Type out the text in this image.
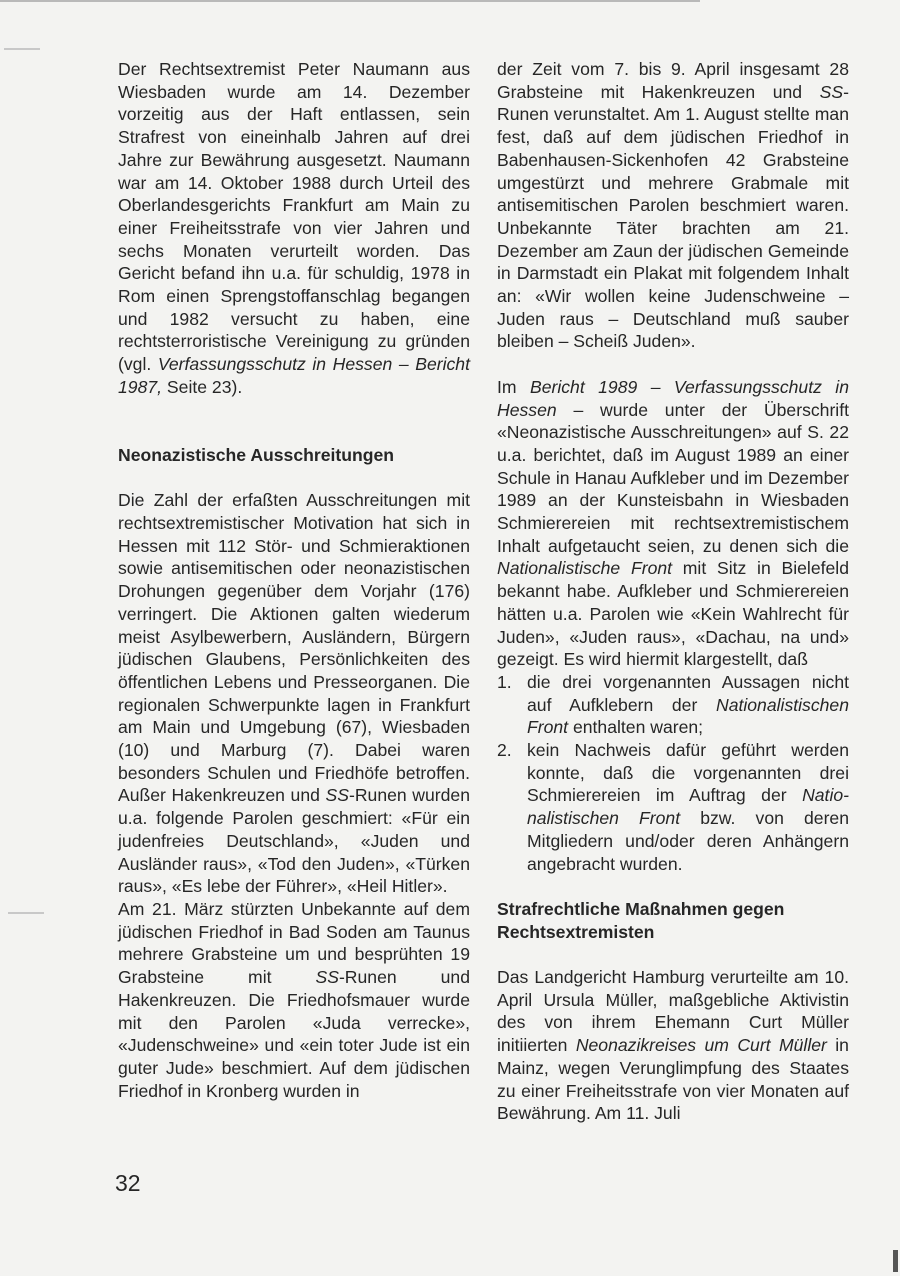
Der Rechtsextremist Peter Naumann aus Wiesbaden wurde am 14. Dezember vorzeitig aus der Haft entlassen, sein Strafrest von eineinhalb Jahren auf drei Jahre zur Bewährung ausgesetzt. Naumann war am 14. Oktober 1988 durch Urteil des Oberlandesgerichts Frankfurt am Main zu einer Freiheitsstrafe von vier Jahren und sechs Monaten verurteilt worden. Das Gericht befand ihn u.a. für schuldig, 1978 in Rom einen Sprengstoffanschlag begangen und 1982 versucht zu haben, eine rechtsterroristische Vereinigung zu gründen (vgl. Verfassungsschutz in Hessen – Bericht 1987, Seite 23).

Neonazistische Ausschreitungen

Die Zahl der erfaßten Ausschreitungen mit rechtsextremistischer Motivation hat sich in Hessen mit 112 Stör- und Schmieraktionen sowie antisemitischen oder neonazistischen Drohungen gegenüber dem Vorjahr (176) verringert. Die Aktionen galten wiederum meist Asylbewerbern, Ausländern, Bürgern jüdischen Glaubens, Persönlichkeiten des öffentlichen Lebens und Presseorganen. Die regionalen Schwerpunkte lagen in Frankfurt am Main und Umgebung (67), Wiesbaden (10) und Marburg (7). Dabei waren besonders Schulen und Friedhöfe betroffen. Außer Hakenkreuzen und SS-Runen wurden u.a. folgende Parolen geschmiert: «Für ein judenfreies Deutschland», «Juden und Ausländer raus», «Tod den Juden», «Türken raus», «Es lebe der Führer», «Heil Hitler».

Am 21. März stürzten Unbekannte auf dem jüdischen Friedhof in Bad Soden am Taunus mehrere Grabsteine um und besprühten 19 Grabsteine mit SS-Runen und Hakenkreuzen. Die Friedhofsmauer wurde mit den Parolen «Juda verrecke», «Judenschweine» und «ein toter Jude ist ein guter Jude» beschmiert. Auf dem jüdischen Friedhof in Kronberg wurden in

der Zeit vom 7. bis 9. April insgesamt 28 Grabsteine mit Hakenkreuzen und SS-Runen verunstaltet. Am 1. August stellte man fest, daß auf dem jüdischen Friedhof in Babenhausen-Sickenhofen 42 Grabsteine umgestürzt und mehrere Grabmale mit antisemitischen Parolen beschmiert waren. Unbekannte Täter brachten am 21. Dezember am Zaun der jüdischen Gemeinde in Darmstadt ein Plakat mit folgendem Inhalt an: «Wir wollen keine Judenschweine – Juden raus – Deutschland muß sauber bleiben – Scheiß Juden».

Im Bericht 1989 – Verfassungsschutz in Hessen – wurde unter der Überschrift «Neonazistische Ausschreitungen» auf S. 22 u.a. berichtet, daß im August 1989 an einer Schule in Hanau Aufkleber und im Dezember 1989 an der Kunsteisbahn in Wiesbaden Schmierereien mit rechtsextremistischem Inhalt aufgetaucht seien, zu denen sich die Nationalistische Front mit Sitz in Bielefeld bekannt habe. Aufkleber und Schmierereien hätten u.a. Parolen wie «Kein Wahlrecht für Juden», «Juden raus», «Dachau, na und» gezeigt. Es wird hiermit klargestellt, daß

1. die drei vorgenannten Aussagen nicht auf Aufklebern der Nationalistischen Front enthalten waren;
2. kein Nachweis dafür geführt werden konnte, daß die vorgenannten drei Schmierereien im Auftrag der Nationalistischen Front bzw. von deren Mitgliedern und/oder deren Anhängern angebracht wurden.
Strafrechtliche Maßnahmen gegen Rechtsextremisten

Das Landgericht Hamburg verurteilte am 10. April Ursula Müller, maßgebliche Aktivistin des von ihrem Ehemann Curt Müller initiierten Neonazikreises um Curt Müller in Mainz, wegen Verunglimpfung des Staates zu einer Freiheitsstrafe von vier Monaten auf Bewährung. Am 11. Juli

32
